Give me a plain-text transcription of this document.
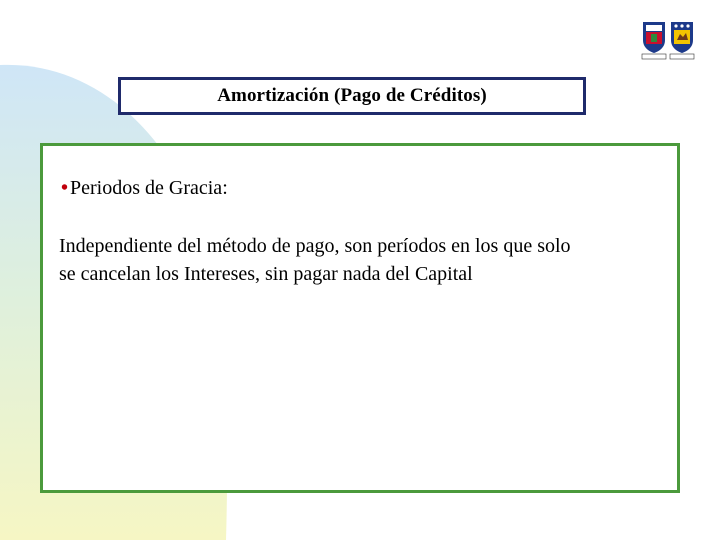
Amortización (Pago de Créditos)
• Periodos de Gracia:
Independiente del método de pago, son períodos en los que solo
se cancelan los Intereses, sin pagar nada del Capital
